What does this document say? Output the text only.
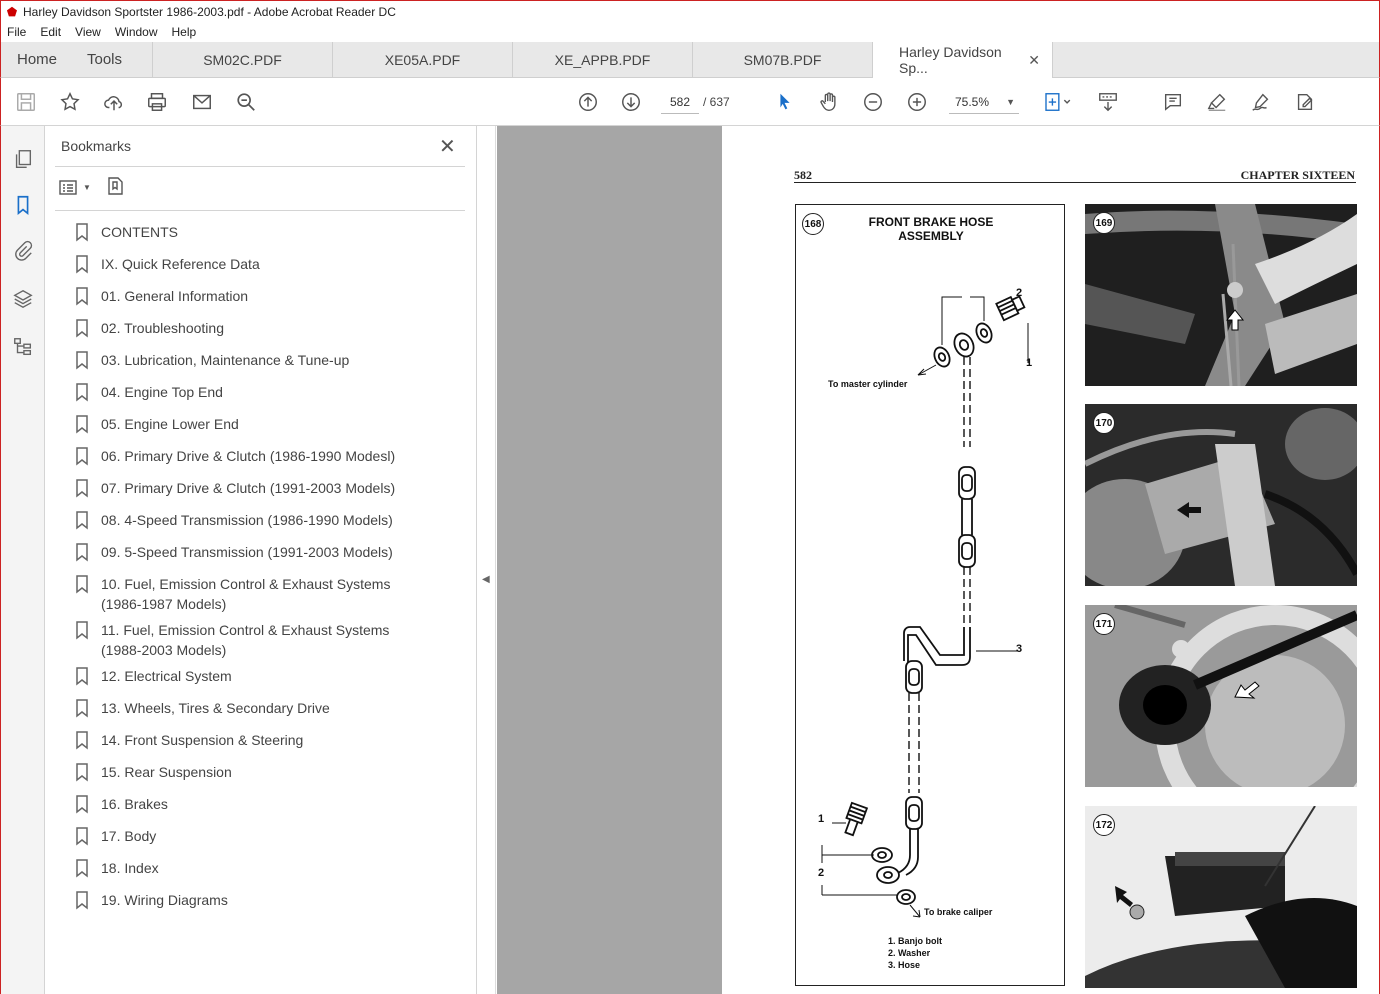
⬟ Harley Davidson Sportster 1986-2003.pdf - Adobe Acrobat Reader DC
File Edit View Window Help
Home	Tools	SM02C.PDF	XE05A.PDF	XE_APPB.PDF	SM07B.PDF	Harley Davidson Sp...
✕
582
/ 637	75.5% ▼
Bookmarks	✕
▼
CONTENTS
IX. Quick Reference Data
01. General Information
02. Troubleshooting
03. Lubrication, Maintenance & Tune-up
04. Engine Top End
05. Engine Lower End
06. Primary Drive & Clutch (1986-1990 Modesl)
07. Primary Drive & Clutch (1991-2003 Models)
08. 4-Speed Transmission (1986-1990 Models)
09. 5-Speed Transmission (1991-2003 Models)
10. Fuel, Emission Control & Exhaust Systems
(1986-1987 Models)
11. Fuel, Emission Control & Exhaust Systems
(1988-2003 Models)
12. Electrical System
13. Wheels, Tires & Secondary Drive
14. Front Suspension & Steering
15. Rear Suspension
16. Brakes
17. Body
18. Index
19. Wiring Diagrams
◀
582	CHAPTER SIXTEEN
168	FRONT BRAKE HOSE
ASSEMBLY
2
1
To master cylinder
3
1
2
To brake caliper
1. Banjo bolt
2. Washer
3. Hose
169
170
171
172
